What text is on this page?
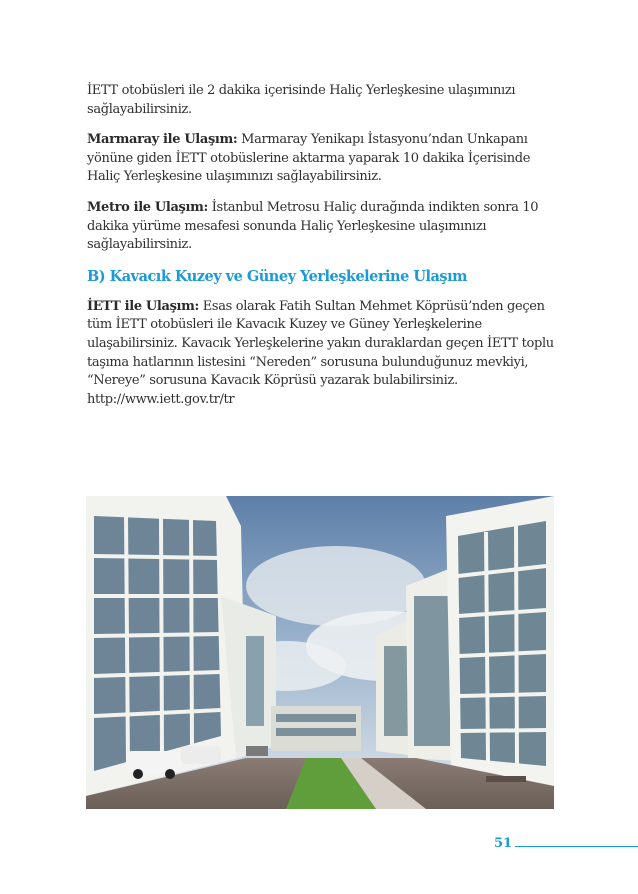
İETT otobüsleri ile 2 dakika içerisinde Haliç Yerleşkesine ulaşımınızı sağlayabilirsiniz.

Marmaray ile Ulaşım: Marmaray Yenikapı İstasyonu’ndan Unkapanı yönüne giden İETT otobüslerine aktarma yaparak 10 dakika İçerisinde Haliç Yerleşkesine ulaşımınızı sağlayabilirsiniz.

Metro ile Ulaşım: İstanbul Metrosu Haliç durağında indikten sonra 10 dakika yürüme mesafesi sonunda Haliç Yerleşkesine ulaşımınızı sağlayabilirsiniz.

B) Kavacık Kuzey ve Güney Yerleşkelerine Ulaşım

İETT ile Ulaşım: Esas olarak Fatih Sultan Mehmet Köprüsü’nden geçen tüm İETT otobüsleri ile Kavacık Kuzey ve Güney Yerleşkelerine ulaşabilirsiniz. Kavacık Yerleşkelerine yakın duraklardan geçen İETT toplu taşıma hatlarının listesini “Nereden” sorusuna bulunduğunuz mevkiyi, “Nereye” sorusuna Kavacık Köprüsü yazarak bulabilirsiniz.
http://www.iett.gov.tr/tr

51
